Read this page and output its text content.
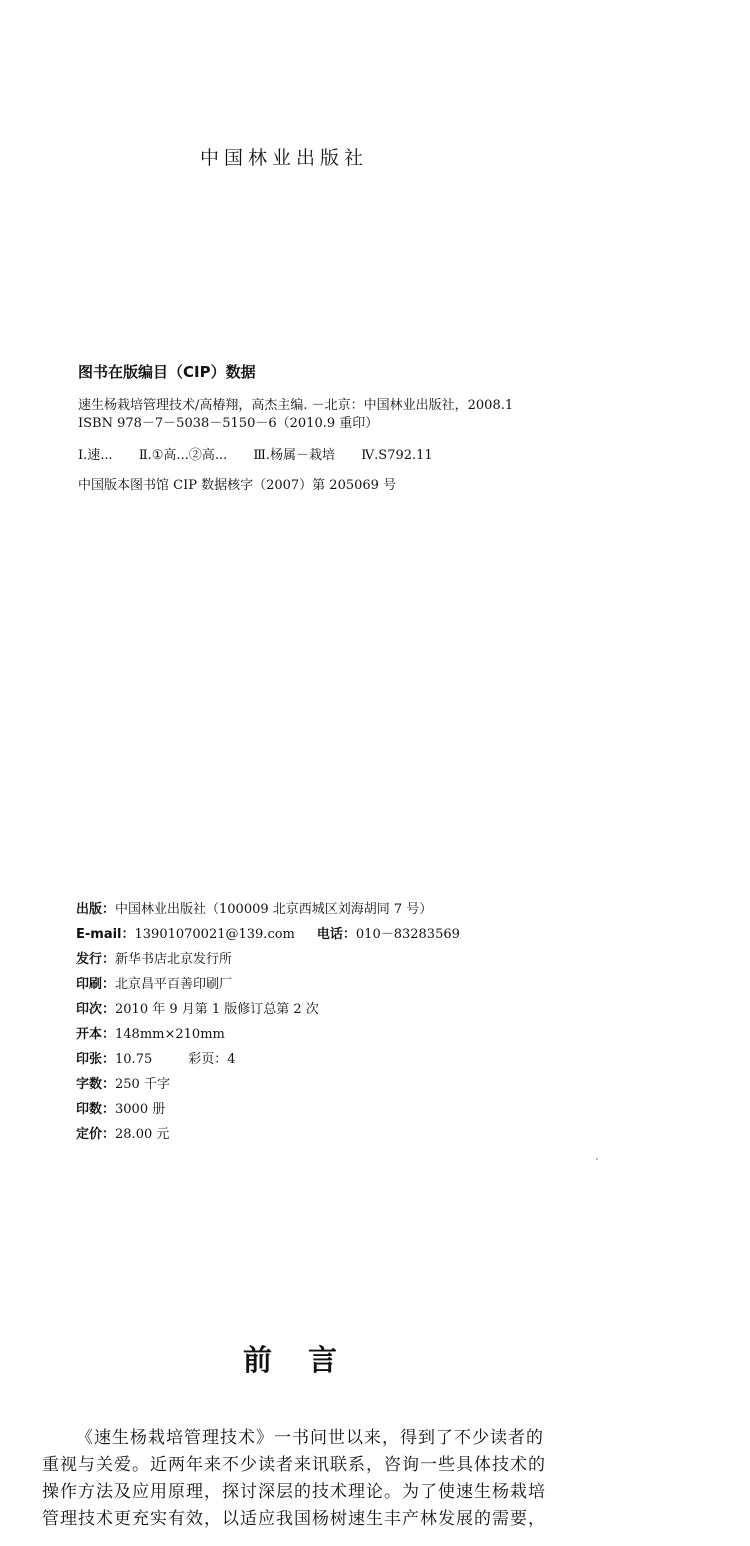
中国林业出版社
图书在版编目（CIP）数据
速生杨栽培管理技术/高椿翔，高杰主编. －北京：中国林业出版社，2008.1
ISBN 978－7－5038－5150－6（2010.9 重印）
Ⅰ.速... Ⅱ.①高...②高... Ⅲ.杨属－栽培 Ⅳ.S792.11
中国版本图书馆 CIP 数据核字（2007）第 205069 号
出版：中国林业出版社（100009 北京西城区刘海胡同 7 号）
E-mail：13901070021@139.com 电话：010－83283569
发行：新华书店北京发行所
印刷：北京昌平百善印刷厂
印次：2010 年 9 月第 1 版修订总第 2 次
开本：148mm×210mm
印张：10.75	彩页：4
字数：250 千字
印数：3000 册
定价：28.00 元
前言

《速生杨栽培管理技术》一书问世以来，得到了不少读者的重视与关爱。近两年来不少读者来讯联系，咨询一些具体技术的操作方法及应用原理，探讨深层的技术理论。为了使速生杨栽培管理技术更充实有效，以适应我国杨树速生丰产林发展的需要，
